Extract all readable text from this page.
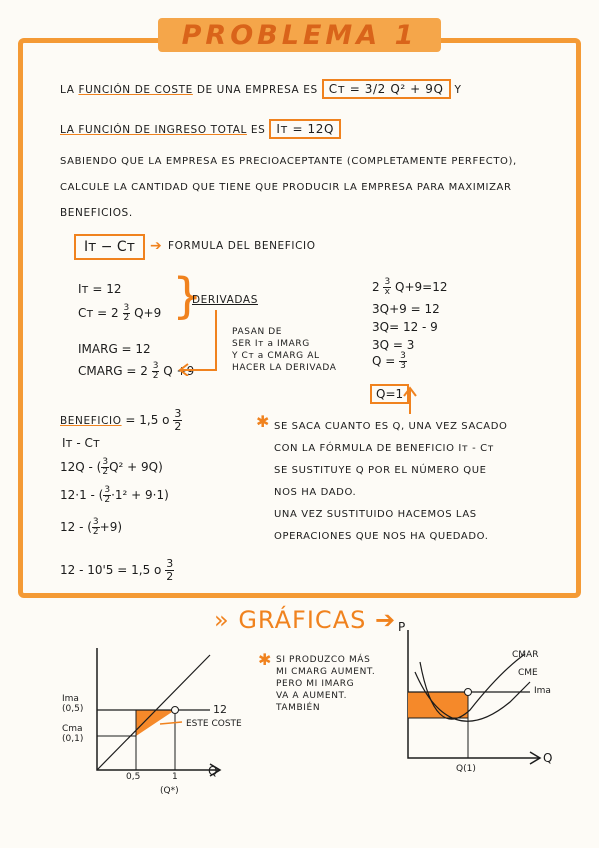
PROBLEMA 1
LA FUNCIÓN DE COSTE DE UNA EMPRESA ES Cт = 3/2 Q² + 9Q Y
LA FUNCIÓN DE INGRESO TOTAL ES Iт = 12Q
SABIENDO QUE LA EMPRESA ES PRECIOACEPTANTE (COMPLETAMENTE PERFECTO),
CALCULE LA CANTIDAD QUE TIENE QUE PRODUCIR LA EMPRESA PARA MAXIMIZAR
BENEFICIOS.
Iт − Cт	➔ FORMULA DEL BENEFICIO
Iт = 12
Cт = $2 \frac{3}{2} Q+9$ }
DERIVADAS
IMARG = 12
CMARG = $2 \frac{3}{2}$ Q +9
PASAN DE
SER Iт a IMARG
Y Cт a CMARG AL
HACER LA DERIVADA
$2 \frac{3}{x} Q+9=12$
3Q+9 = 12
3Q= 12 - 9
3Q = 3
$Q = \frac{3}{3}$
Q=1
BENEFICIO = 1,5 o $\frac{3}{2}$
Iт - Cт
12Q - ( $\frac{3}{2} Q^2 + 9Q$)
12·1 - ( $\frac{3}{2} \cdot 1^2 + 9\cdot 1$)
12 - ( $\frac{3}{2} +9$)
12 - 10'5 = 1,5 o $\frac{3}{2}$
✱ SE SACA CUANTO ES Q, UNA VEZ SACADO
CON LA FÓRMULA DE BENEFICIO Iт - Cт
SE SUSTITUYE Q POR EL NÚMERO QUE
NOS HA DADO.
UNA VEZ SUSTITUIDO HACEMOS LAS
OPERACIONES QUE NOS HA QUEDADO.
» GRÁFICAS ➔
Ima
(0,5)
Cma
(0,1)
12
ESTE COSTE
0,5	1
(Q*)
Q
✱ SI PRODUZCO MÁS
MI CMARG AUMENT.
PERO MI IMARG
VA A AUMENT.
TAMBIÉN
P
CMAR
CME
Ima
Q(1)
Q
